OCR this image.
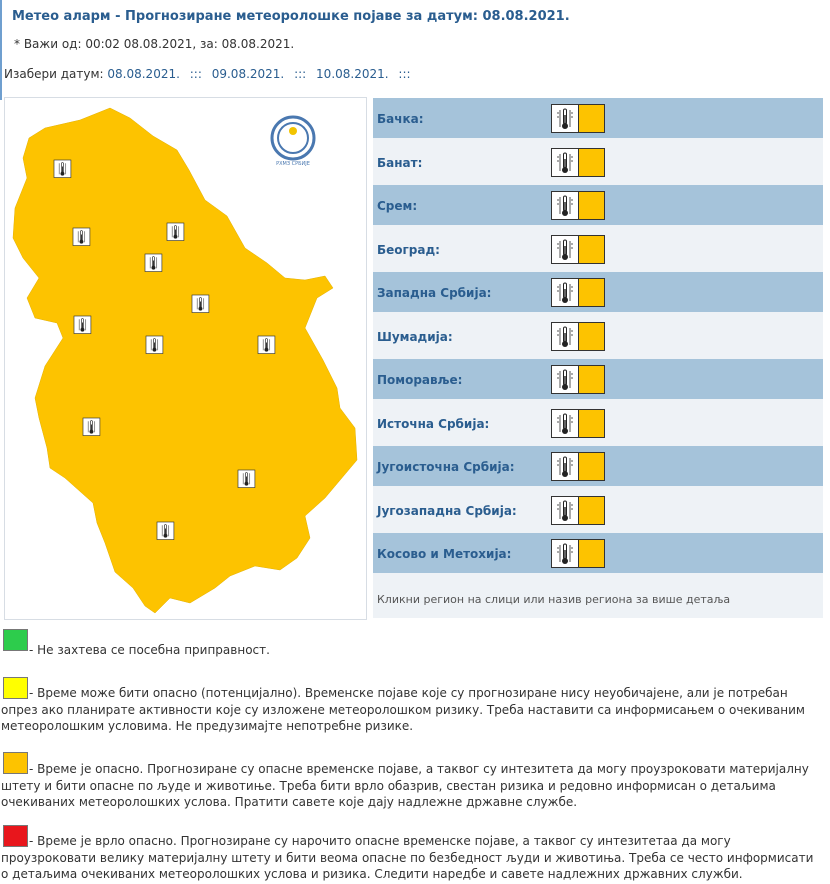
Метео аларм - Прогнозиране метеоролошке појаве за датум: 08.08.2021.
* Важи од: 00:02 08.08.2021, за: 08.08.2021.
Изабери датум: 08.08.2021. ::: 09.08.2021. ::: 10.08.2021. :::
РХМЗ СРБИЈЕ
Кликни регион на слици или назив региона за више детаља
Бачка:
Банат:
Срем:
Београд:
Западна Србија:
Шумадија:
Поморавље:
Источна Србија:
Југоисточна Србија:
Југозападна Србија:
Косово и Метохија:
- Не захтева се посебна приправност.
- Време може бити опасно (потенцијално). Временске појаве које су прогнозиране нису неуобичајене, али је потребан опрез ако планирате активности које су изложене метеоролошком ризику. Треба наставити са информисањем о очекиваним метеоролошким условима. Не предузимајте непотребне ризике.
- Време је опасно. Прогнозиране су опасне временске појаве, а таквог су интезитета да могу проузроковати материјалну штету и бити опасне по људе и животиње. Треба бити врло обазрив, свестан ризика и редовно информисан о детаљима очекиваних метеоролошких услова. Пратити савете које дају надлежне државне службе.
- Време је врло опасно. Прогнозиране су нарочито опасне временске појаве, а таквог су интезитетаа да могу проузроковати велику материјалну штету и бити веома опасне по безбедност људи и животиња. Треба се често информисати о детаљима очекиваних метеоролошких услова и ризика. Следити наредбе и савете надлежних државних служби.
